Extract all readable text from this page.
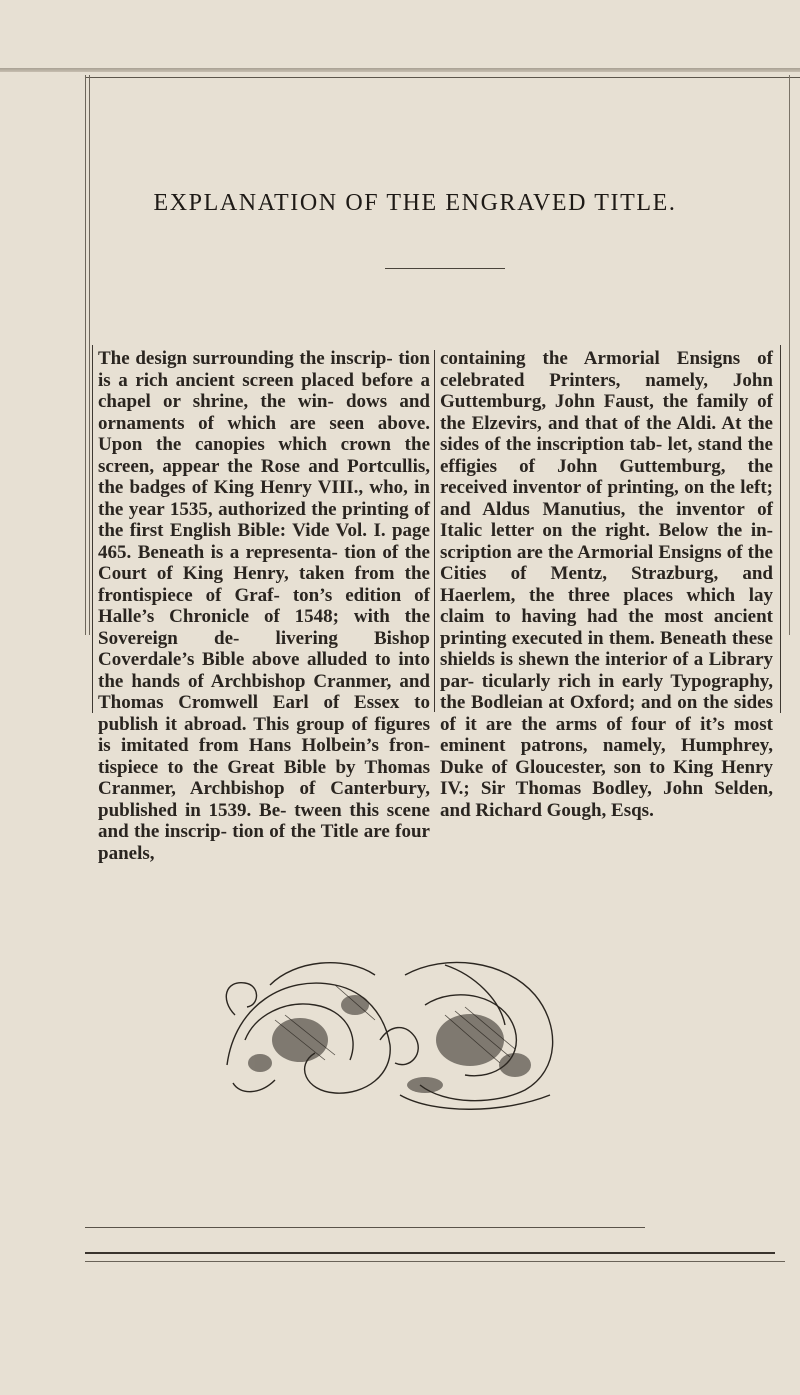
EXPLANATION OF THE ENGRAVED TITLE.

The design surrounding the inscrip- tion is a rich ancient screen placed before a chapel or shrine, the win- dows and ornaments of which are seen above. Upon the canopies which crown the screen, appear the Rose and Portcullis, the badges of King Henry VIII., who, in the year 1535, authorized the printing of the first English Bible: Vide Vol. I. page 465. Beneath is a representa- tion of the Court of King Henry, taken from the frontispiece of Graf- ton’s edition of Halle’s Chronicle of 1548; with the Sovereign de- livering Bishop Coverdale’s Bible above alluded to into the hands of Archbishop Cranmer, and Thomas Cromwell Earl of Essex to publish it abroad. This group of figures is imitated from Hans Holbein’s fron- tispiece to the Great Bible by Thomas Cranmer, Archbishop of Canterbury, published in 1539. Be- tween this scene and the inscrip- tion of the Title are four panels,

containing the Armorial Ensigns of celebrated Printers, namely, John Guttemburg, John Faust, the family of the Elzevirs, and that of the Aldi. At the sides of the inscription tab- let, stand the effigies of John Guttemburg, the received inventor of printing, on the left; and Aldus Manutius, the inventor of Italic letter on the right. Below the in- scription are the Armorial Ensigns of the Cities of Mentz, Strazburg, and Haerlem, the three places which lay claim to having had the most ancient printing executed in them. Beneath these shields is shewn the interior of a Library par- ticularly rich in early Typography, the Bodleian at Oxford; and on the sides of it are the arms of four of it’s most eminent patrons, namely, Humphrey, Duke of Gloucester, son to King Henry IV.; Sir Thomas Bodley, John Selden, and Richard Gough, Esqs.
